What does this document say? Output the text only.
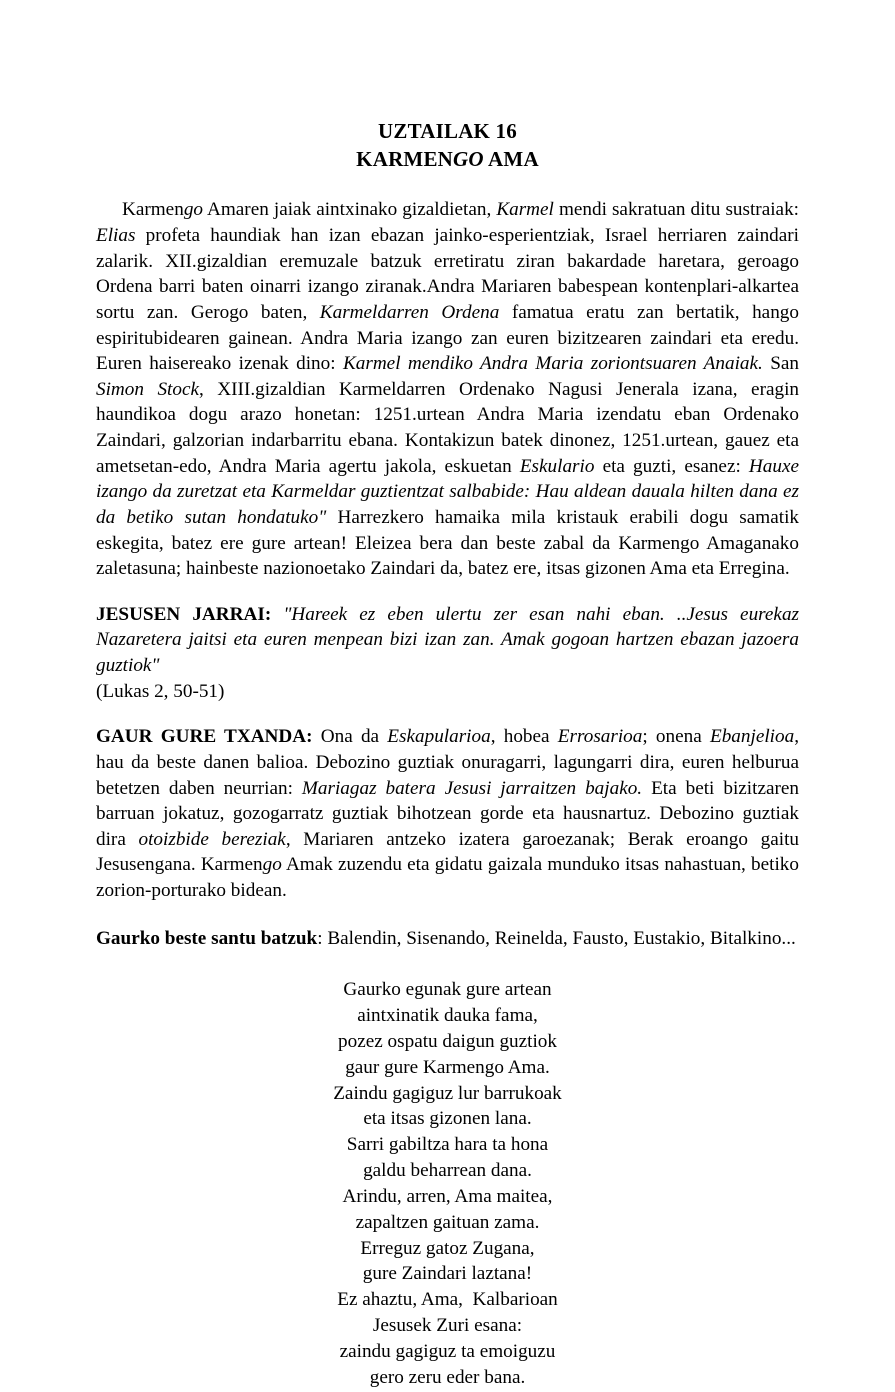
UZTAILAK 16
KARMENGO AMA

Karmengo Amaren jaiak aintxinako gizaldietan, Karmel mendi sakratuan ditu sustraiak: Elias profeta haundiak han izan ebazan jainko-esperientziak, Israel herriaren zaindari zalarik. XII.gizaldian eremuzale batzuk erretiratu ziran bakardade haretara, geroago Ordena barri baten oinarri izango ziranak.Andra Mariaren babespean kontenplari-alkartea sortu zan. Gerogo baten, Karmeldarren Ordena famatua eratu zan bertatik, hango espiritubidearen gainean. Andra Maria izango zan euren bizitzearen zaindari eta eredu. Euren haisereako izenak dino: Karmel mendiko Andra Maria zoriontsuaren Anaiak. San Simon Stock, XIII.gizaldian Karmeldarren Ordenako Nagusi Jenerala izana, eragin haundikoa dogu arazo honetan: 1251.urtean Andra Maria izendatu eban Ordenako Zaindari, galzorian indarbarritu ebana. Kontakizun batek dinonez, 1251.urtean, gauez eta ametsetan-edo, Andra Maria agertu jakola, eskuetan Eskulario eta guzti, esanez: Hauxe izango da zuretzat eta Karmeldar guztientzat salbabide: Hau aldean dauala hilten dana ez da betiko sutan hondatuko" Harrezkero hamaika mila kristauk erabili dogu samatik eskegita, batez ere gure artean! Eleizea bera dan beste zabal da Karmengo Amaganako zaletasuna; hainbeste nazionoetako Zaindari da, batez ere, itsas gizonen Ama eta Erregina.

JESUSEN JARRAI: "Hareek ez eben ulertu zer esan nahi eban. ..Jesus eurekaz Nazaretera jaitsi eta euren menpean bizi izan zan. Amak gogoan hartzen ebazan jazoera guztiok"
(Lukas 2, 50-51)
GAUR GURE TXANDA: Ona da Eskapularioa, hobea Errosarioa; onena Ebanjelioa, hau da beste danen balioa. Debozino guztiak onuragarri, lagungarri dira, euren helburua betetzen daben neurrian: Mariagaz batera Jesusi jarraitzen bajako. Eta beti bizitzaren barruan jokatuz, gozogarratz guztiak bihotzean gorde eta hausnartuz. Debozino guztiak dira otoizbide bereziak, Mariaren antzeko izatera garoezanak; Berak eroango gaitu Jesusengana. Karmengo Amak zuzendu eta gidatu gaizala munduko itsas nahastuan, betiko zorion-porturako bidean.
Gaurko beste santu batzuk: Balendin, Sisenando, Reinelda, Fausto, Eustakio, Bitalkino...
Gaurko egunak gure artean
aintxinatik dauka fama,
pozez ospatu daigun guztiok
gaur gure Karmengo Ama.
Zaindu gagiguz lur barrukoak
eta itsas gizonen lana.
Sarri gabiltza hara ta hona
galdu beharrean dana.
Arindu, arren, Ama maitea,
zapaltzen gaituan zama.
Erreguz gatoz Zugana,
gure Zaindari laztana!
Ez ahaztu, Ama,  Kalbarioan
Jesusek Zuri esana:
zaindu gagiguz ta emoiguzu
gero zeru eder bana.
